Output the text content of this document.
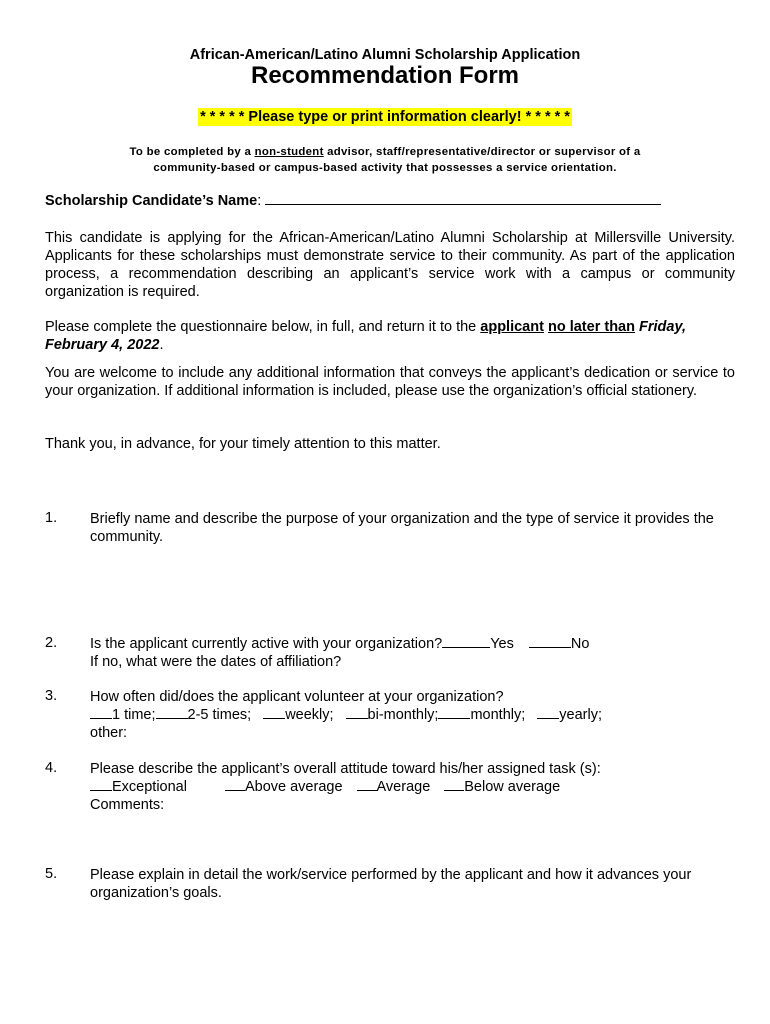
African-American/Latino Alumni Scholarship Application
Recommendation Form
* * * * * Please type or print information clearly! * * * * *
To be completed by a non-student advisor, staff/representative/director or supervisor of a
community-based or campus-based activity that possesses a service orientation.
Scholarship Candidate’s Name:
This candidate is applying for the African-American/Latino Alumni Scholarship at Millersville University. Applicants for these scholarships must demonstrate service to their community. As part of the application process, a recommendation describing an applicant’s service work with a campus or community organization is required.
Please complete the questionnaire below, in full, and return it to the applicant no later than Friday, February 4, 2022.
You are welcome to include any additional information that conveys the applicant’s dedication or service to your organization. If additional information is included, please use the organization’s official stationery.
Thank you, in advance, for your timely attention to this matter.
1. Briefly name and describe the purpose of your organization and the type of service it provides the community.
2. Is the applicant currently active with your organization?	Yes	No
If no, what were the dates of affiliation?
3. How often did/does the applicant volunteer at your organization?
1 time; 2-5 times; weekly; bi-monthly; monthly; yearly;
other:
4. Please describe the applicant’s overall attitude toward his/her assigned task (s):
Exceptional	Above average Average Below average
Comments:
5. Please explain in detail the work/service performed by the applicant and how it advances your organization’s goals.
